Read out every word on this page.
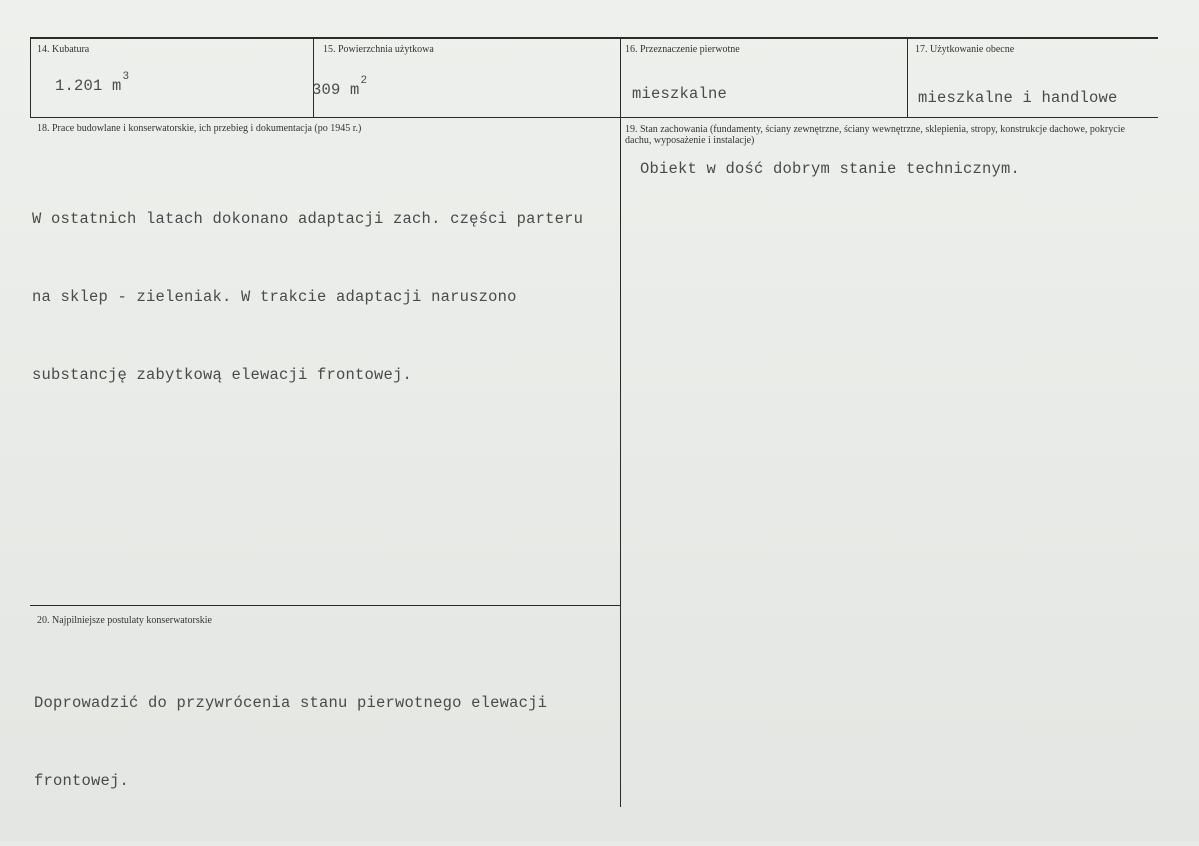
14. Kubatura
1.201 $m^3$
15. Powierzchnia użytkowa
309 $m^2$
16. Przeznaczenie pierwotne
mieszkalne
17. Użytkowanie obecne
mieszkalne i handlowe
18. Prace budowlane i konserwatorskie, ich przebieg i dokumentacja (po 1945 r.)

W ostatnich latach dokonano adaptacji zach. części parteru

na sklep - zieleniak. W trakcie adaptacji naruszono

substancję zabytkową elewacji frontowej.

19. Stan zachowania (fundamenty, ściany zewnętrzne, ściany wewnętrzne, sklepienia, stropy, konstrukcje dachowe, pokrycie dachu, wyposażenie i instalacje)
Obiekt w dość dobrym stanie technicznym.
20. Najpilniejsze postulaty konserwatorskie

Doprowadzić do przywrócenia stanu pierwotnego elewacji

frontowej.
